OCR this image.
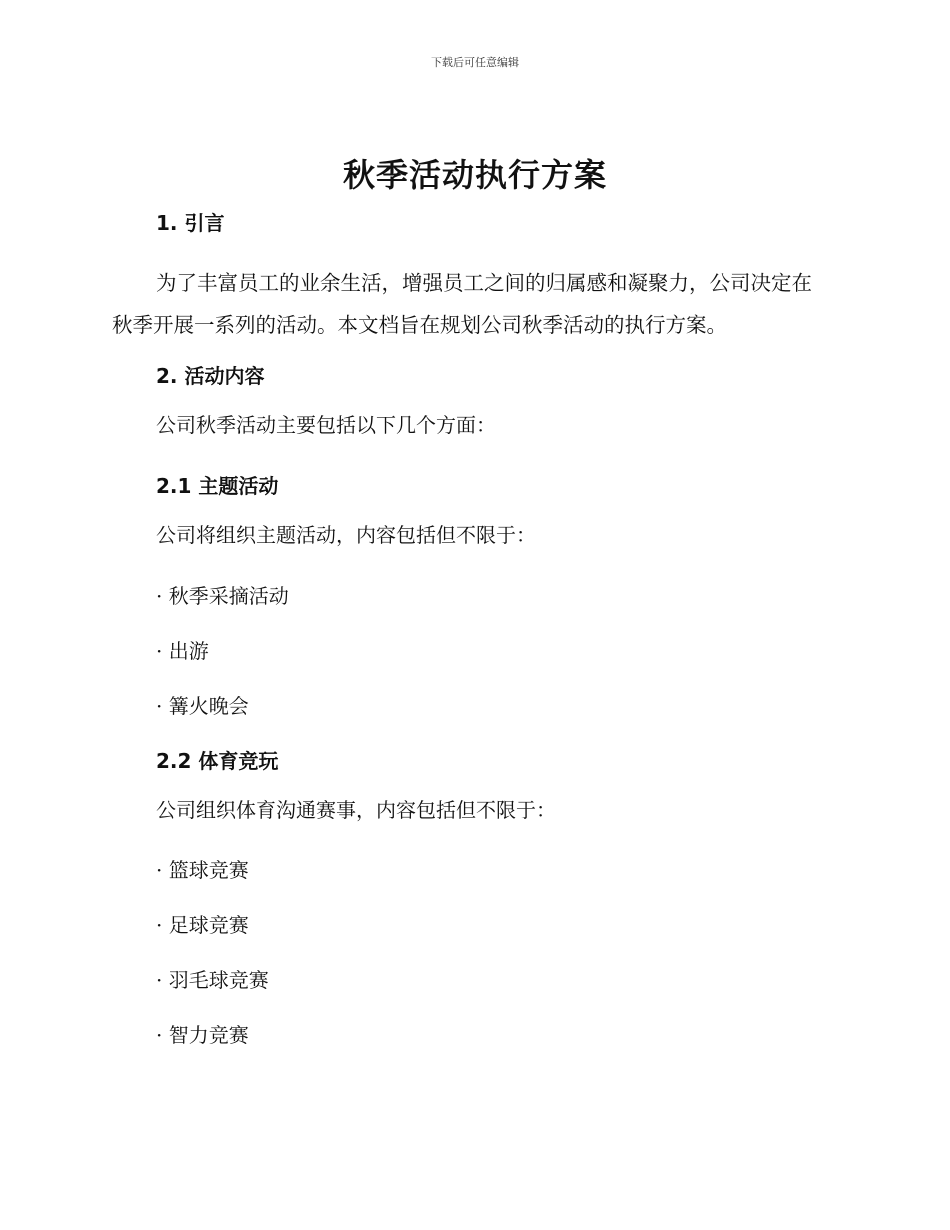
下载后可任意编辑
秋季活动执行方案
1. 引言

为了丰富员工的业余生活，增强员工之间的归属感和凝聚力，公司决定在秋季开展一系列的活动。本文档旨在规划公司秋季活动的执行方案。

2. 活动内容
公司秋季活动主要包括以下几个方面：
2.1 主题活动
公司将组织主题活动，内容包括但不限于：
· 秋季采摘活动
· 出游
· 篝火晚会
2.2 体育竞玩
公司组织体育沟通赛事，内容包括但不限于：
· 篮球竞赛
· 足球竞赛
· 羽毛球竞赛
· 智力竞赛
